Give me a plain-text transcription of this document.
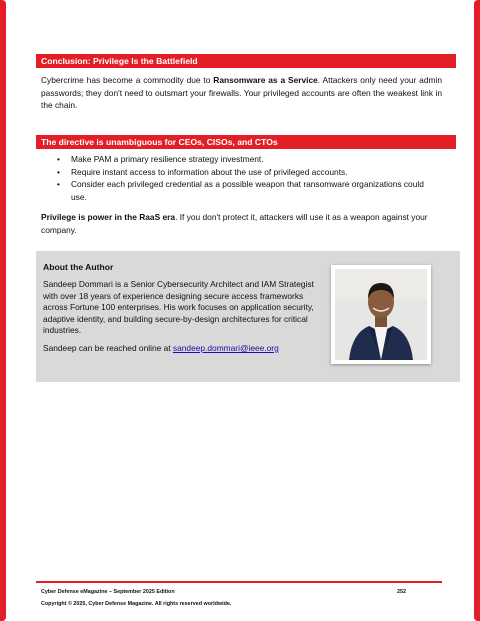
Conclusion: Privilege Is the Battlefield
Cybercrime has become a commodity due to Ransomware as a Service. Attackers only need your admin passwords; they don't need to outsmart your firewalls. Your privileged accounts are often the weakest link in the chain.
The directive is unambiguous for CEOs, CISOs, and CTOs
• Make PAM a primary resilience strategy investment.
• Require instant access to information about the use of privileged accounts.
• Consider each privileged credential as a possible weapon that ransomware organizations could use.
Privilege is power in the RaaS era. If you don't protect it, attackers will use it as a weapon against your company.
About the Author
Sandeep Dommari is a Senior Cybersecurity Architect and IAM Strategist with over 18 years of experience designing secure access frameworks across Fortune 100 enterprises. His work focuses on application security, adaptive identity, and building secure-by-design architectures for critical industries.
Sandeep can be reached online at sandeep.dommari@ieee.org
Cyber Defense eMagazine – September 2025 Edition	252
Copyright © 2025, Cyber Defense Magazine. All rights reserved worldwide.
